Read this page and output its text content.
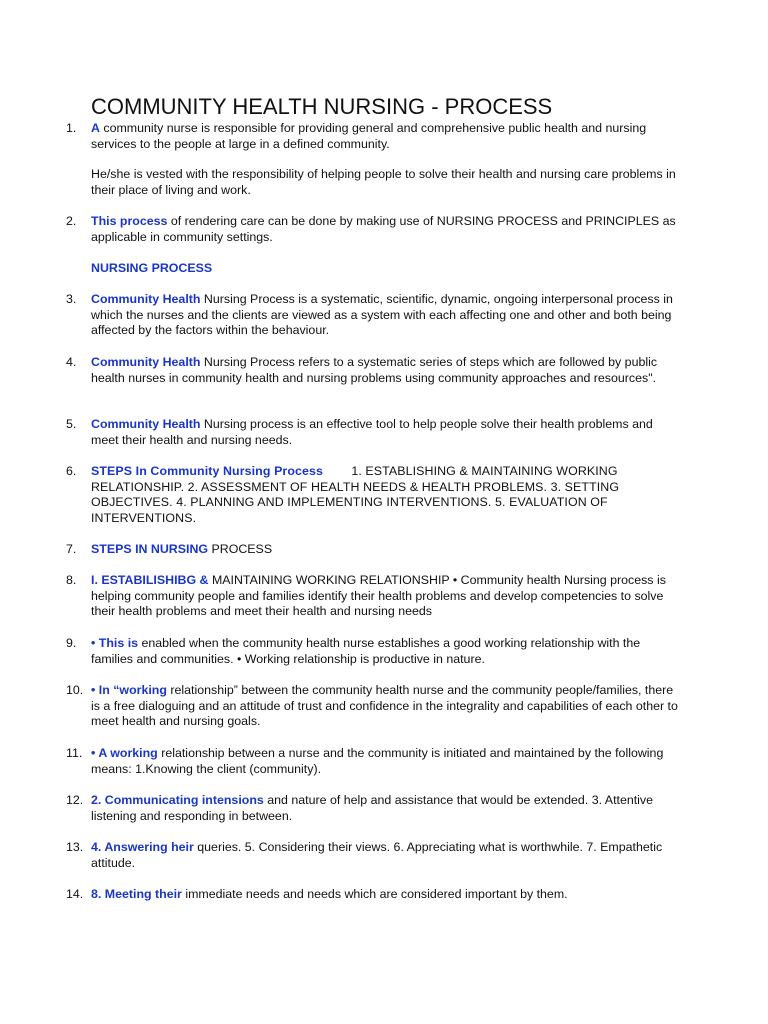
COMMUNITY HEALTH NURSING - PROCESS
1. A community nurse is responsible for providing general and comprehensive public health and nursing services to the people at large in a defined community.
He/she is vested with the responsibility of helping people to solve their health and nursing care problems in their place of living and work.
2. This process of rendering care can be done by making use of NURSING PROCESS and PRINCIPLES as applicable in community settings.
NURSING PROCESS
3. Community Health Nursing Process is a systematic, scientific, dynamic, ongoing interpersonal process in which the nurses and the clients are viewed as a system with each affecting one and other and both being affected by the factors within the behaviour.
4. Community Health Nursing Process refers to a systematic series of steps which are followed by public health nurses in community health and nursing problems using community approaches and resources".
5. Community Health Nursing process is an effective tool to help people solve their health problems and meet their health and nursing needs.
6. STEPS In Community Nursing Process        1. ESTABLISHING & MAINTAINING WORKING RELATIONSHIP. 2. ASSESSMENT OF HEALTH NEEDS & HEALTH PROBLEMS. 3. SETTING OBJECTIVES. 4. PLANNING AND IMPLEMENTING INTERVENTIONS. 5. EVALUATION OF INTERVENTIONS.
7. STEPS IN NURSING PROCESS
8. I. ESTABILISHIBG & MAINTAINING WORKING RELATIONSHIP • Community health Nursing process is helping community people and families identify their health problems and develop competencies to solve their health problems and meet their health and nursing needs
9. • This is enabled when the community health nurse establishes a good working relationship with the families and communities. • Working relationship is productive in nature.
10. • In “working relationship” between the community health nurse and the community people/families, there is a free dialoguing and an attitude of trust and confidence in the integrality and capabilities of each other to meet health and nursing goals.
11. • A working relationship between a nurse and the community is initiated and maintained by the following means: 1.Knowing the client (community).
12. 2. Communicating intensions and nature of help and assistance that would be extended. 3. Attentive listening and responding in between.
13. 4. Answering heir queries. 5. Considering their views. 6. Appreciating what is worthwhile. 7. Empathetic attitude.
14. 8. Meeting their immediate needs and needs which are considered important by them.
